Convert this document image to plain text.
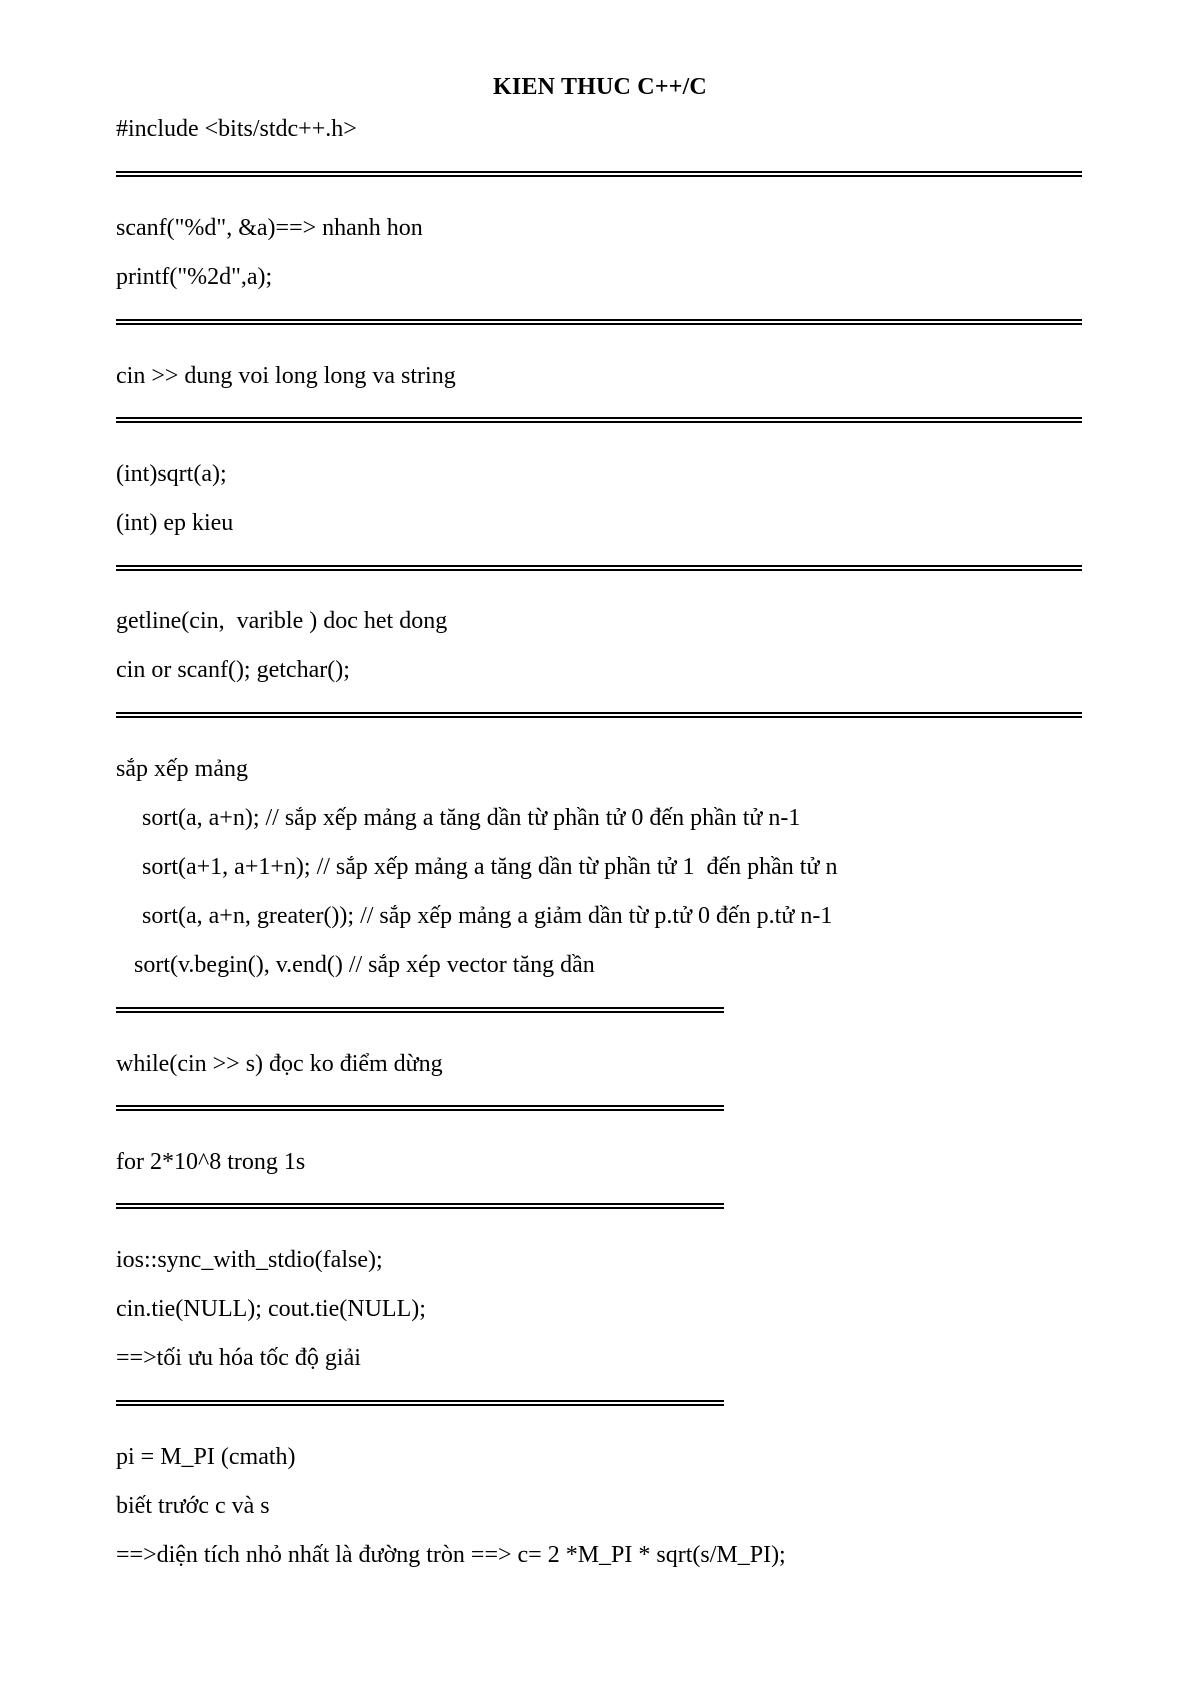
KIEN THUC C++/C
#include <bits/stdc++.h>
scanf("%d", &a)==> nhanh hon
printf("%2d",a);
cin >> dung voi long long va string
(int)sqrt(a);
(int) ep kieu
getline(cin,  varible ) doc het dong
cin or scanf(); getchar();
sắp xếp mảng
sort(a, a+n); // sắp xếp mảng a tăng dần từ phần tử 0 đến phần tử n-1
sort(a+1, a+1+n); // sắp xếp mảng a tăng dần từ phần tử 1  đến phần tử n
sort(a, a+n, greater()); // sắp xếp mảng a giảm dần từ p.tử 0 đến p.tử n-1
sort(v.begin(), v.end() // sắp xép vector tăng dần
while(cin >> s) đọc ko điểm dừng
for 2*10^8 trong 1s
ios::sync_with_stdio(false);
cin.tie(NULL); cout.tie(NULL);
==>tối ưu hóa tốc độ giải
pi = M_PI (cmath)
biết trước c và s
==>diện tích nhỏ nhất là đường tròn ==> c= 2 *M_PI * sqrt(s/M_PI);
